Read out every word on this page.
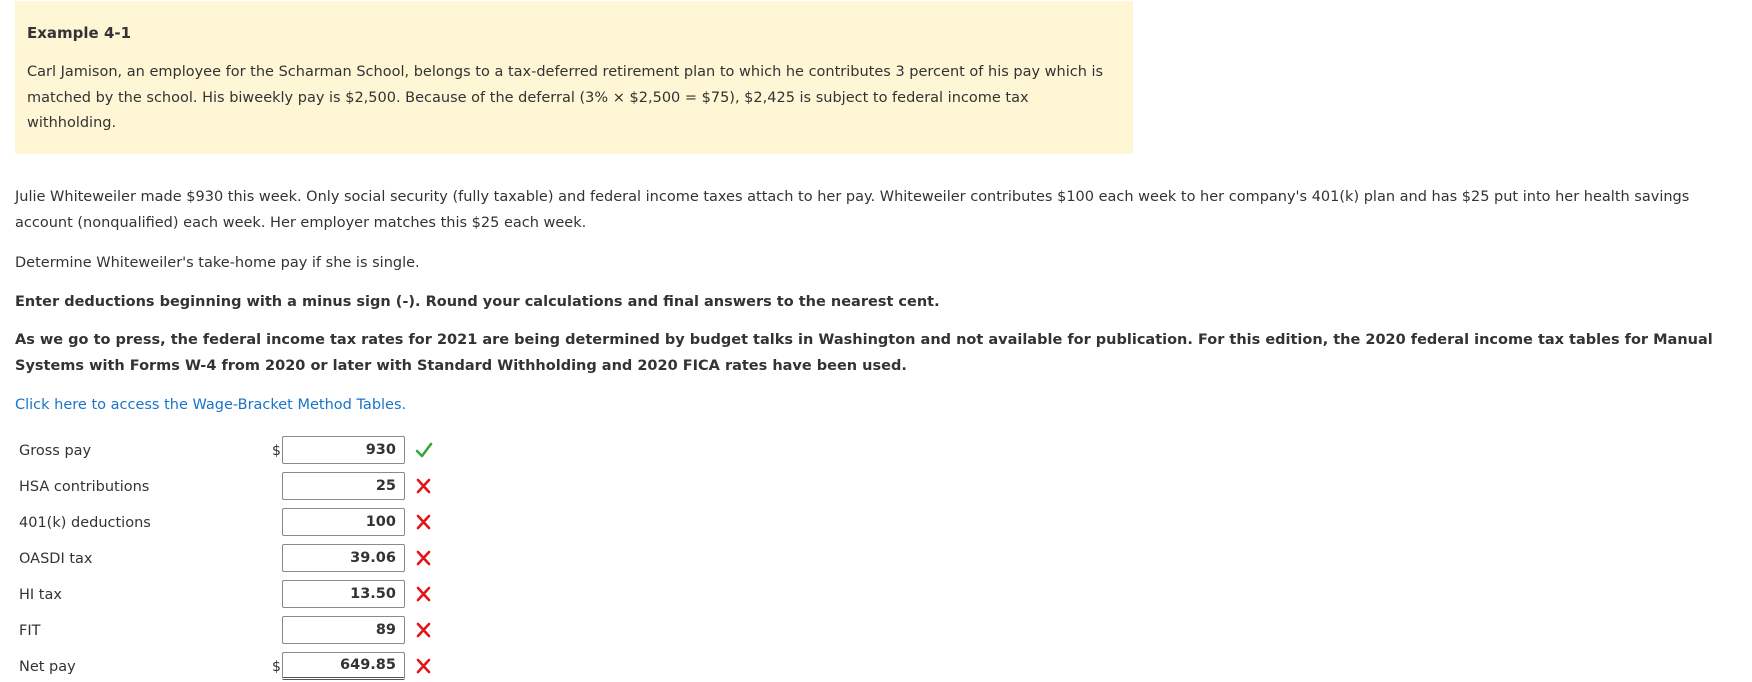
Example 4-1

Carl Jamison, an employee for the Scharman School, belongs to a tax-deferred retirement plan to which he contributes 3 percent of his pay which is matched by the school. His biweekly pay is $2,500. Because of the deferral (3% × $2,500 = $75), $2,425 is subject to federal income tax withholding.

Julie Whiteweiler made $930 this week. Only social security (fully taxable) and federal income taxes attach to her pay. Whiteweiler contributes $100 each week to her company's 401(k) plan and has $25 put into her health savings account (nonqualified) each week. Her employer matches this $25 each week.

Determine Whiteweiler's take-home pay if she is single.

Enter deductions beginning with a minus sign (-). Round your calculations and final answers to the nearest cent.

As we go to press, the federal income tax rates for 2021 are being determined by budget talks in Washington and not available for publication. For this edition, the 2020 federal income tax tables for Manual Systems with Forms W-4 from 2020 or later with Standard Withholding and 2020 FICA rates have been used.

Click here to access the Wage-Bracket Method Tables.
Gross pay	$
930
HSA contributions
25
401(k) deductions
100
OASDI tax
39.06
HI tax
13.50
FIT
89
Net pay	$
649.85
